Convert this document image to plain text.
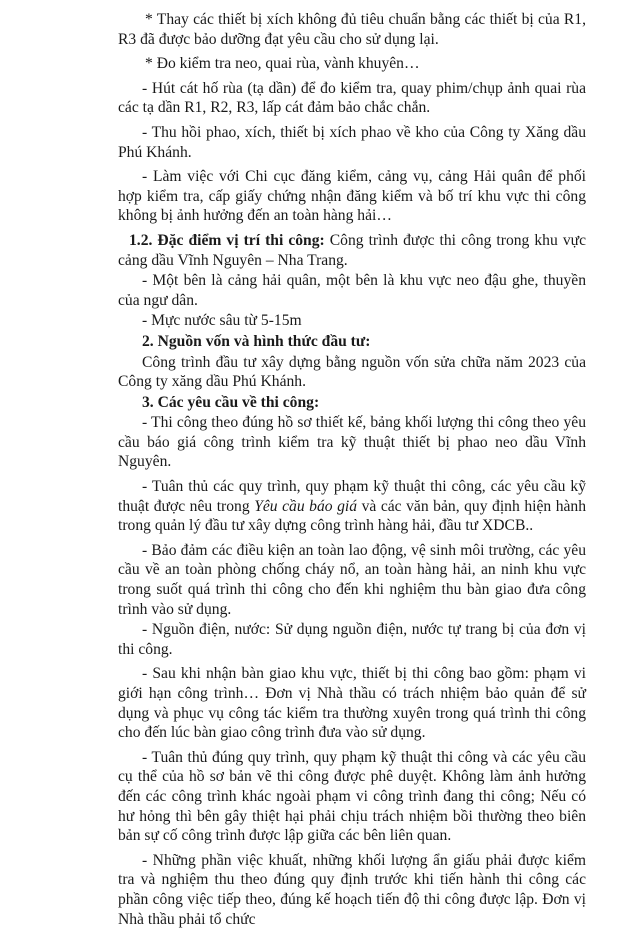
* Thay các thiết bị xích không đủ tiêu chuẩn bằng các thiết bị của R1, R3 đã được bảo dưỡng đạt yêu cầu cho sử dụng lại.

* Đo kiểm tra neo, quai rùa, vành khuyên…

- Hút cát hố rùa (tạ dần) để đo kiểm tra, quay phim/chụp ảnh quai rùa các tạ dần R1, R2, R3, lấp cát đảm bảo chắc chắn.

- Thu hồi phao, xích, thiết bị xích phao về kho của Công ty Xăng dầu Phú Khánh.

- Làm việc với Chi cục đăng kiểm, cảng vụ, cảng Hải quân để phối hợp kiểm tra, cấp giấy chứng nhận đăng kiểm và bố trí khu vực thi công không bị ảnh hưởng đến an toàn hàng hải…

1.2. Đặc điểm vị trí thi công: Công trình được thi công trong khu vực cảng dầu Vĩnh Nguyên – Nha Trang.

- Một bên là cảng hải quân, một bên là khu vực neo đậu ghe, thuyền của ngư dân.

- Mực nước sâu từ 5-15m

2. Nguồn vốn và hình thức đầu tư:

Công trình đầu tư xây dựng bằng nguồn vốn sửa chữa năm 2023 của Công ty xăng dầu Phú Khánh.

3. Các yêu cầu về thi công:

- Thi công theo đúng hồ sơ thiết kế, bảng khối lượng thi công theo yêu cầu báo giá công trình kiểm tra kỹ thuật thiết bị phao neo dầu Vĩnh Nguyên.

- Tuân thủ các quy trình, quy phạm kỹ thuật thi công, các yêu cầu kỹ thuật được nêu trong Yêu cầu báo giá và các văn bản, quy định hiện hành trong quản lý đầu tư xây dựng công trình hàng hải, đầu tư XDCB..

- Bảo đảm các điều kiện an toàn lao động, vệ sinh môi trường, các yêu cầu về an toàn phòng chống cháy nổ, an toàn hàng hải, an ninh khu vực trong suốt quá trình thi công cho đến khi nghiệm thu bàn giao đưa công trình vào sử dụng.

- Nguồn điện, nước: Sử dụng nguồn điện, nước tự trang bị của đơn vị thi công.

- Sau khi nhận bàn giao khu vực, thiết bị thi công bao gồm: phạm vi giới hạn công trình… Đơn vị Nhà thầu có trách nhiệm bảo quản để sử dụng và phục vụ công tác kiểm tra thường xuyên trong quá trình thi công cho đến lúc bàn giao công trình đưa vào sử dụng.

- Tuân thủ đúng quy trình, quy phạm kỹ thuật thi công và các yêu cầu cụ thể của hồ sơ bản vẽ thi công được phê duyệt. Không làm ảnh hưởng đến các công trình khác ngoài phạm vi công trình đang thi công; Nếu có hư hỏng thì bên gây thiệt hại phải chịu trách nhiệm bồi thường theo biên bản sự cố công trình được lập giữa các bên liên quan.

- Những phần việc khuất, những khối lượng ẩn giấu phải được kiểm tra và nghiệm thu theo đúng quy định trước khi tiến hành thi công các phần công việc tiếp theo, đúng kế hoạch tiến độ thi công được lập. Đơn vị Nhà thầu phải tổ chức
